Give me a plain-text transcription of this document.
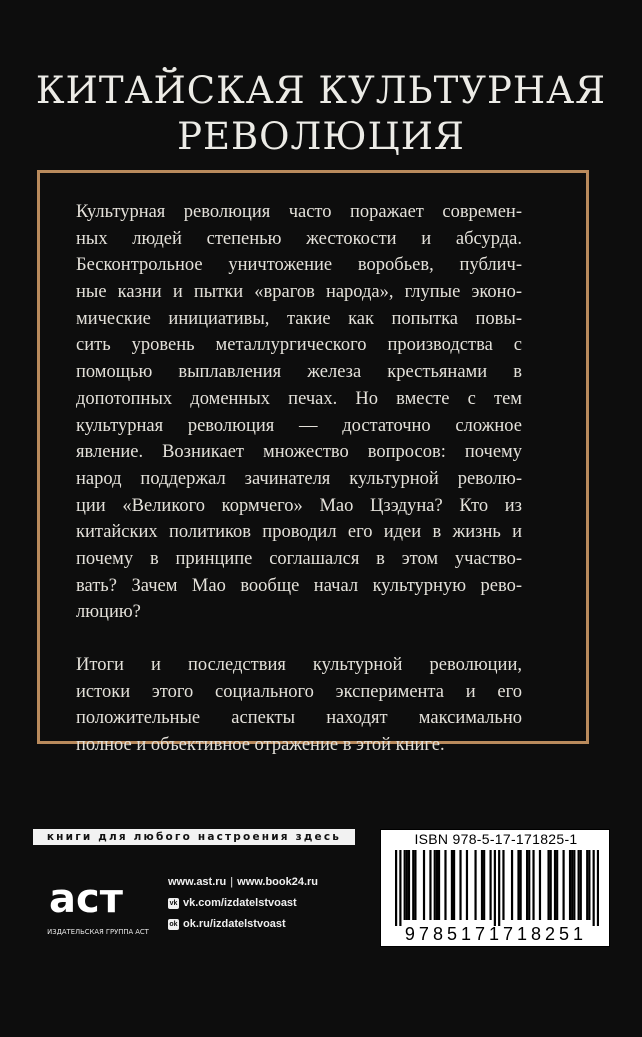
КИТАЙСКАЯ КУЛЬТУРНАЯ
РЕВОЛЮЦИЯ
Культурная революция часто поражает современ-
ных людей степенью жестокости и абсурда.
Бесконтрольное уничтожение воробьев, публич-
ные казни и пытки «врагов народа», глупые эконо-
мические инициативы, такие как попытка повы-
сить уровень металлургического производства с
помощью выплавления железа крестьянами в
допотопных доменных печах. Но вместе с тем
культурная революция — достаточно сложное
явление. Возникает множество вопросов: почему
народ поддержал зачинателя культурной револю-
ции «Великого кормчего» Мао Цзэдуна? Кто из
китайских политиков проводил его идеи в жизнь и
почему в принципе соглашался в этом участво-
вать? Зачем Мао вообще начал культурную рево-
люцию?
Итоги и последствия культурной революции,
истоки этого социального эксперимента и его
положительные аспекты находят максимально
полное и объективное отражение в этой книге.
книги для любого настроения здесь
аст
ИЗДАТЕЛЬСКАЯ ГРУППА АСТ
www.ast.ru | www.book24.ru
vk vk.com/izdatelstvoast
ok ok.ru/izdatelstvoast
ISBN 978-5-17-171825-1
9785171718251
